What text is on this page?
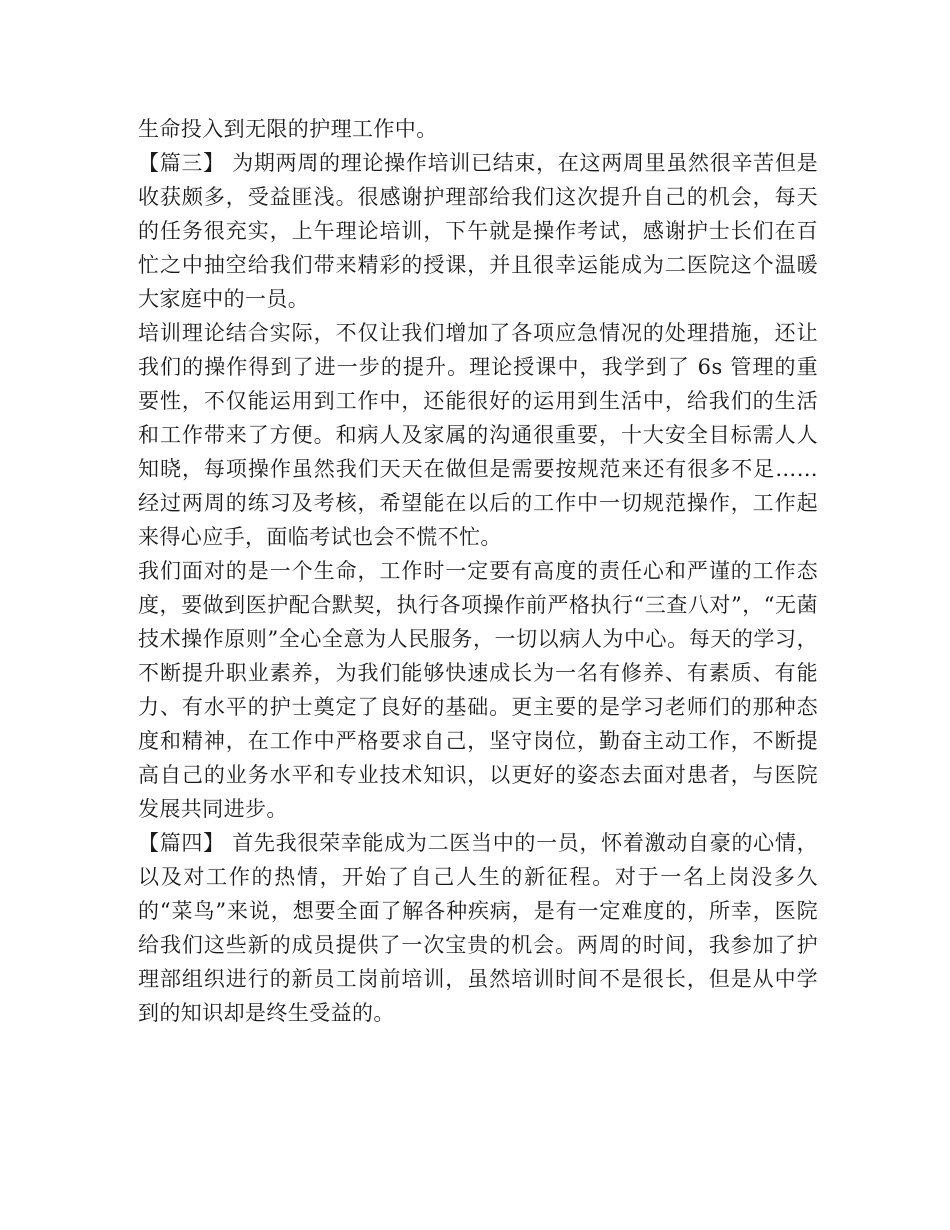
生命投入到无限的护理工作中。

【篇三】 为期两周的理论操作培训已结束，在这两周里虽然很辛苦但是收获颇多，受益匪浅。很感谢护理部给我们这次提升自己的机会，每天的任务很充实，上午理论培训，下午就是操作考试，感谢护士长们在百忙之中抽空给我们带来精彩的授课，并且很幸运能成为二医院这个温暖大家庭中的一员。

培训理论结合实际，不仅让我们增加了各项应急情况的处理措施，还让我们的操作得到了进一步的提升。理论授课中，我学到了 6s 管理的重要性，不仅能运用到工作中，还能很好的运用到生活中，给我们的生活和工作带来了方便。和病人及家属的沟通很重要，十大安全目标需人人知晓，每项操作虽然我们天天在做但是需要按规范来还有很多不足……经过两周的练习及考核，希望能在以后的工作中一切规范操作，工作起来得心应手，面临考试也会不慌不忙。

我们面对的是一个生命，工作时一定要有高度的责任心和严谨的工作态度，要做到医护配合默契，执行各项操作前严格执行“三查八对”，“无菌技术操作原则”全心全意为人民服务，一切以病人为中心。每天的学习，不断提升职业素养，为我们能够快速成长为一名有修养、有素质、有能力、有水平的护士奠定了良好的基础。更主要的是学习老师们的那种态度和精神，在工作中严格要求自己，坚守岗位，勤奋主动工作，不断提高自己的业务水平和专业技术知识，以更好的姿态去面对患者，与医院发展共同进步。

【篇四】 首先我很荣幸能成为二医当中的一员，怀着激动自豪的心情，以及对工作的热情，开始了自己人生的新征程。对于一名上岗没多久的“菜鸟”来说，想要全面了解各种疾病，是有一定难度的，所幸，医院给我们这些新的成员提供了一次宝贵的机会。两周的时间，我参加了护理部组织进行的新员工岗前培训，虽然培训时间不是很长，但是从中学到的知识却是终生受益的。
